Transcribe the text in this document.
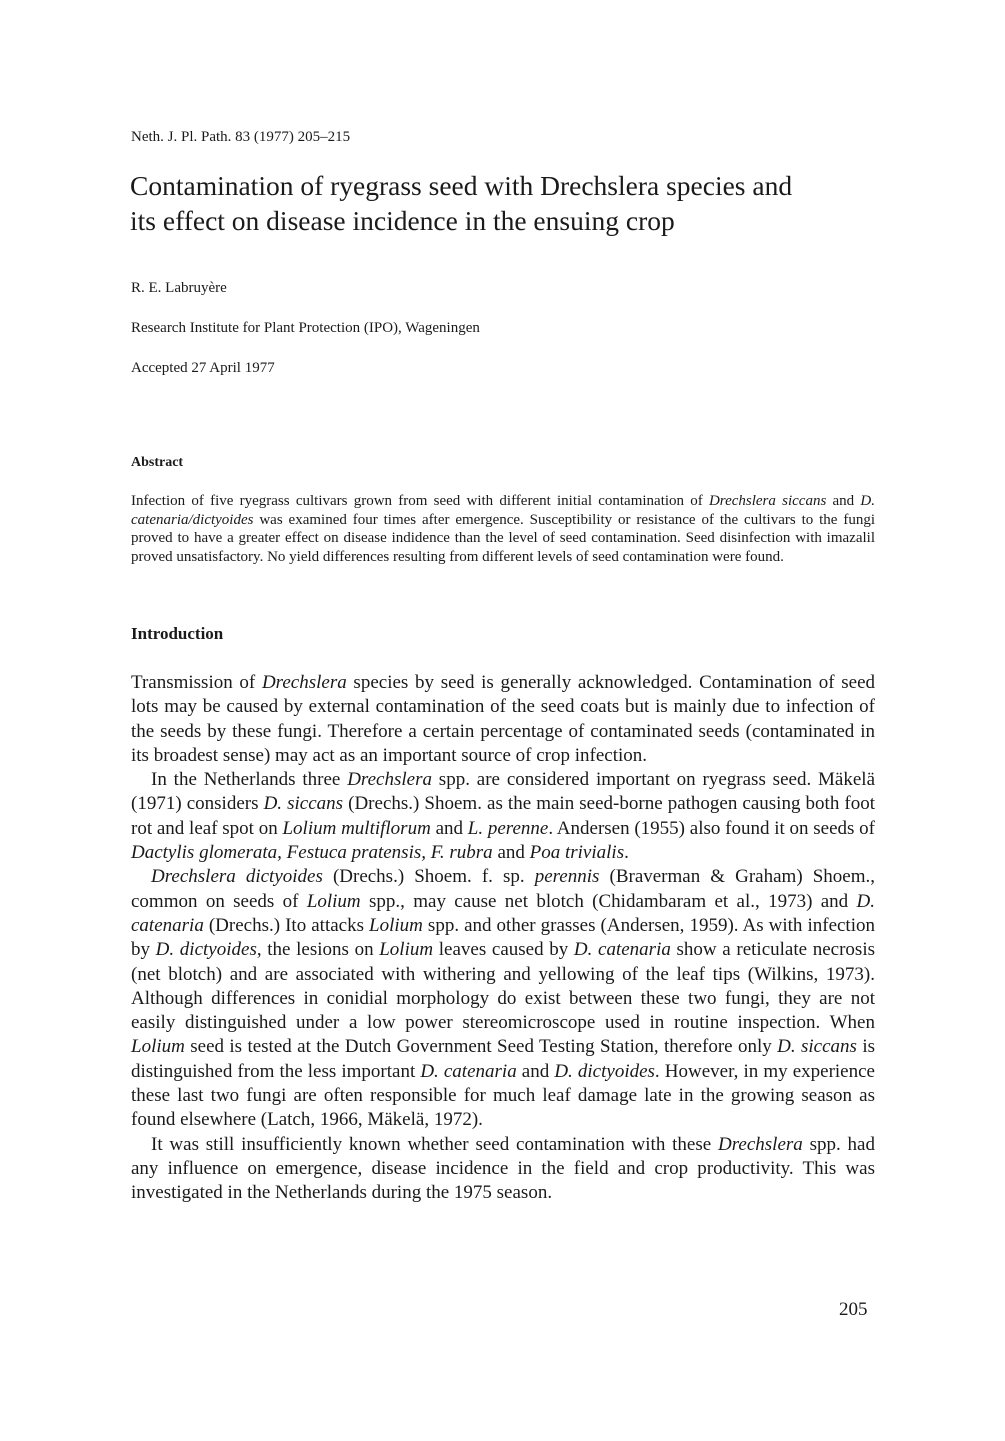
Neth. J. Pl. Path. 83 (1977) 205–215
Contamination of ryegrass seed with Drechslera species and
its effect on disease incidence in the ensuing crop
R. E. Labruyère
Research Institute for Plant Protection (IPO), Wageningen
Accepted 27 April 1977
Abstract

Infection of five ryegrass cultivars grown from seed with different initial contamination of Drechslera siccans and D. catenaria/dictyoides was examined four times after emergence. Susceptibility or resistance of the cultivars to the fungi proved to have a greater effect on disease indidence than the level of seed contamination. Seed disinfection with imazalil proved unsatisfactory. No yield differences resulting from different levels of seed contamination were found.

Introduction

Transmission of Drechslera species by seed is generally acknowledged. Contamination of seed lots may be caused by external contamination of the seed coats but is mainly due to infection of the seeds by these fungi. Therefore a certain percentage of contaminated seeds (contaminated in its broadest sense) may act as an important source of crop infection.

In the Netherlands three Drechslera spp. are considered important on ryegrass seed. Mäkelä (1971) considers D. siccans (Drechs.) Shoem. as the main seed-borne pathogen causing both foot rot and leaf spot on Lolium multiflorum and L. perenne. Andersen (1955) also found it on seeds of Dactylis glomerata, Festuca pratensis, F. rubra and Poa trivialis.

Drechslera dictyoides (Drechs.) Shoem. f. sp. perennis (Braverman & Graham) Shoem., common on seeds of Lolium spp., may cause net blotch (Chidambaram et al., 1973) and D. catenaria (Drechs.) Ito attacks Lolium spp. and other grasses (Andersen, 1959). As with infection by D. dictyoides, the lesions on Lolium leaves caused by D. catenaria show a reticulate necrosis (net blotch) and are associated with withering and yellowing of the leaf tips (Wilkins, 1973). Although differences in conidial morphology do exist between these two fungi, they are not easily distinguished under a low power stereomicroscope used in routine inspection. When Lolium seed is tested at the Dutch Government Seed Testing Station, therefore only D. siccans is distinguished from the less important D. catenaria and D. dictyoides. However, in my experience these last two fungi are often responsible for much leaf damage late in the growing season as found elsewhere (Latch, 1966, Mäkelä, 1972).

It was still insufficiently known whether seed contamination with these Drechslera spp. had any influence on emergence, disease incidence in the field and crop productivity. This was investigated in the Netherlands during the 1975 season.

205
